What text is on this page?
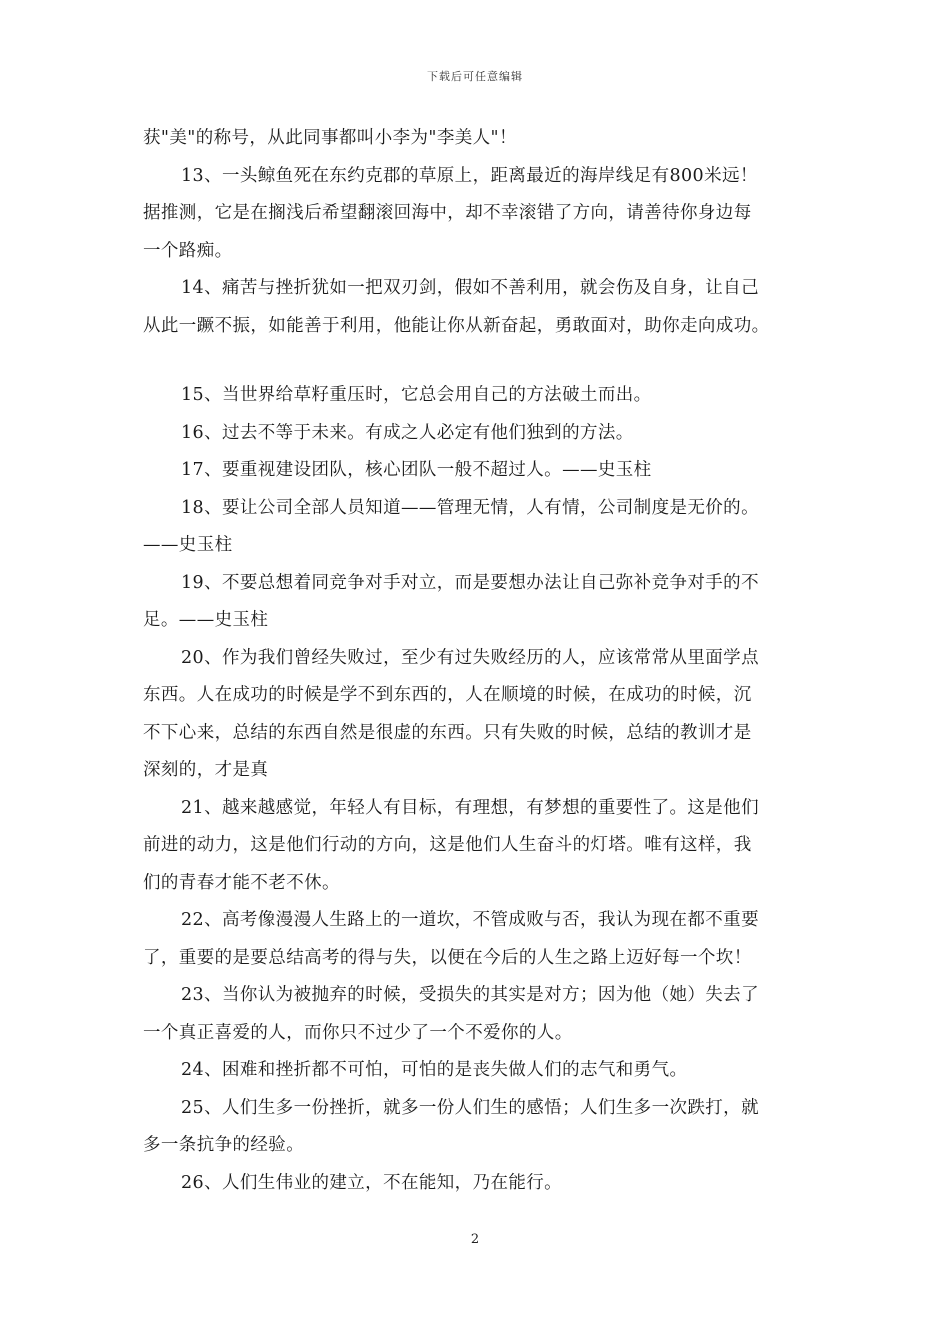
下载后可任意编辑
获"美"的称号，从此同事都叫小李为"李美人"！
13、一头鲸鱼死在东约克郡的草原上，距离最近的海岸线足有800米远！
据推测，它是在搁浅后希望翻滚回海中，却不幸滚错了方向，请善待你身边每
一个路痴。
14、痛苦与挫折犹如一把双刃剑，假如不善利用，就会伤及自身，让自己
从此一蹶不振，如能善于利用，他能让你从新奋起，勇敢面对，助你走向成功。
15、当世界给草籽重压时，它总会用自己的方法破土而出。
16、过去不等于未来。有成之人必定有他们独到的方法。
17、要重视建设团队，核心团队一般不超过人。——史玉柱
18、要让公司全部人员知道——管理无情，人有情，公司制度是无价的。
——史玉柱
19、不要总想着同竞争对手对立，而是要想办法让自己弥补竞争对手的不
足。——史玉柱
20、作为我们曾经失败过，至少有过失败经历的人，应该常常从里面学点
东西。人在成功的时候是学不到东西的，人在顺境的时候，在成功的时候，沉
不下心来，总结的东西自然是很虚的东西。只有失败的时候，总结的教训才是
深刻的，才是真
21、越来越感觉，年轻人有目标，有理想，有梦想的重要性了。这是他们
前进的动力，这是他们行动的方向，这是他们人生奋斗的灯塔。唯有这样，我
们的青春才能不老不休。
22、高考像漫漫人生路上的一道坎，不管成败与否，我认为现在都不重要
了，重要的是要总结高考的得与失，以便在今后的人生之路上迈好每一个坎！
23、当你认为被抛弃的时候，受损失的其实是对方；因为他（她）失去了
一个真正喜爱的人，而你只不过少了一个不爱你的人。
24、困难和挫折都不可怕，可怕的是丧失做人们的志气和勇气。
25、人们生多一份挫折，就多一份人们生的感悟；人们生多一次跌打，就
多一条抗争的经验。
26、人们生伟业的建立，不在能知，乃在能行。
2
